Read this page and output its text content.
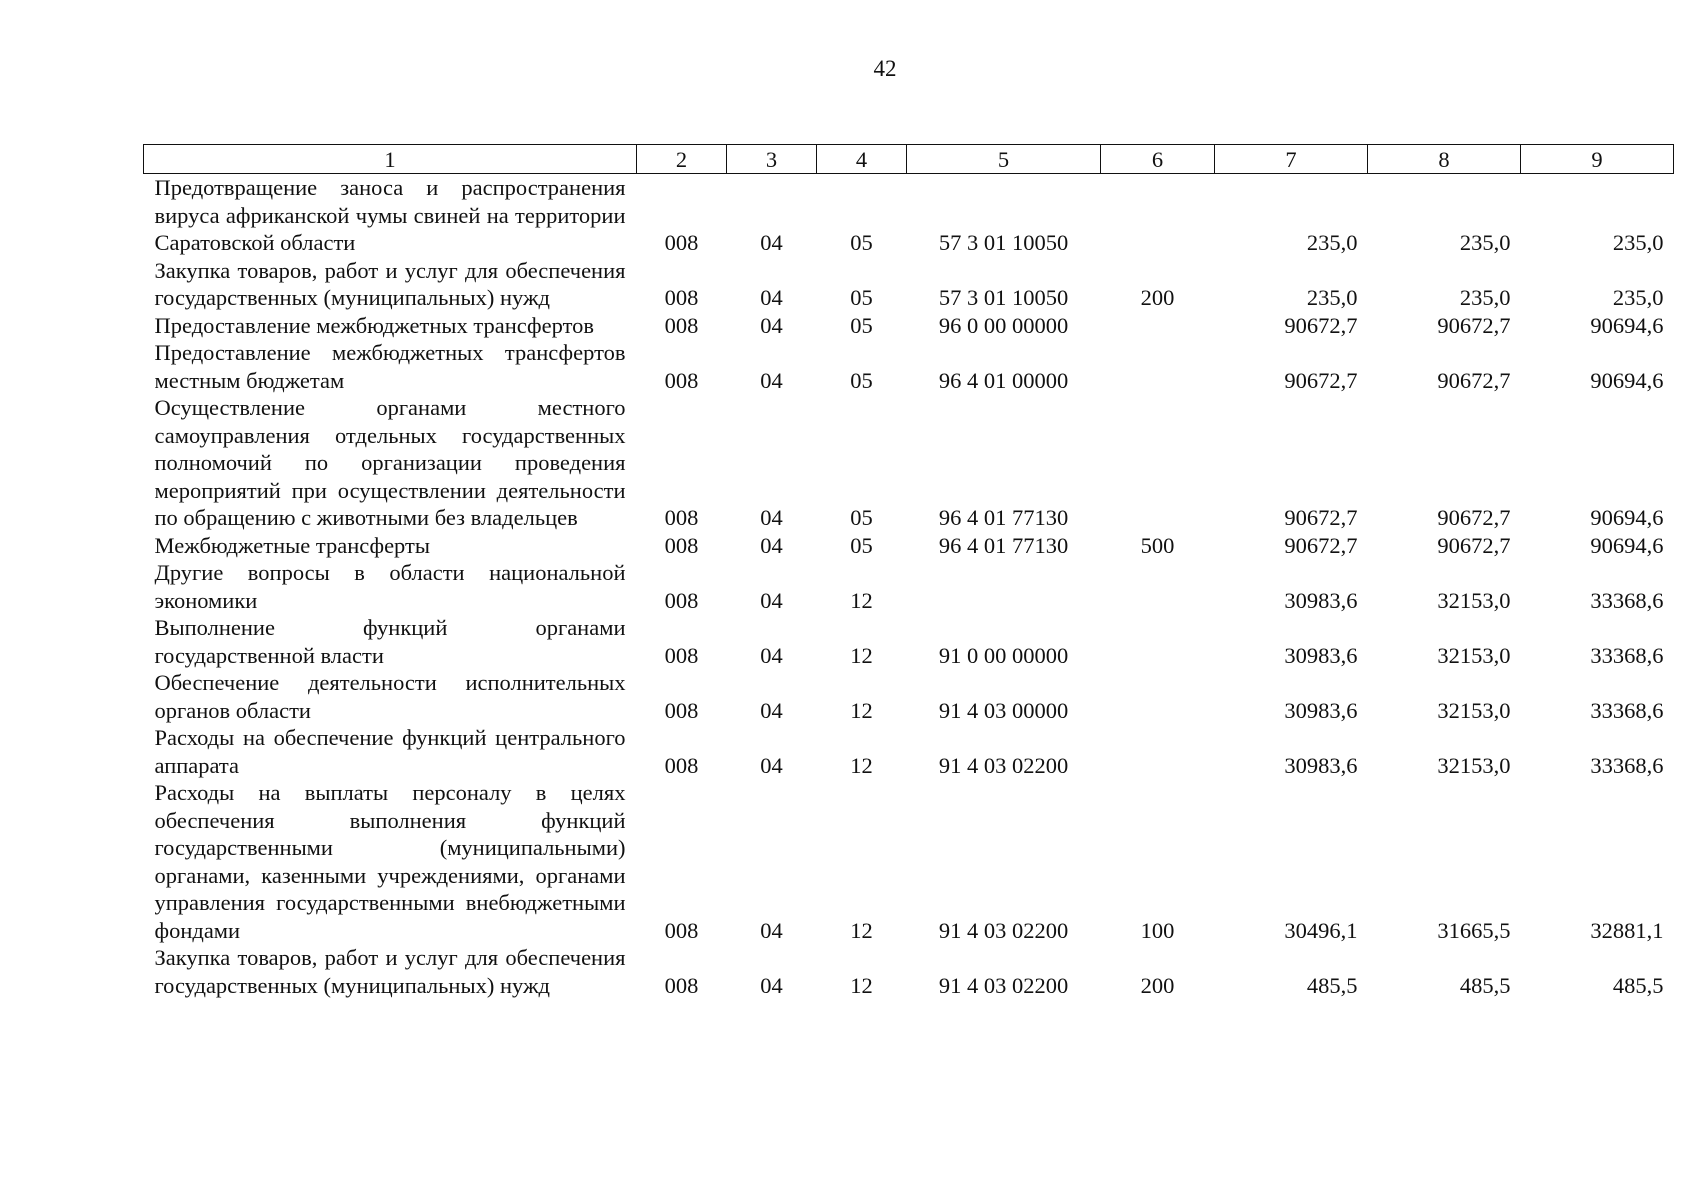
42
1	2	3	4	5	6	7	8	9
Предотвращение заноса и распространения вируса африканской чумы свиней на территории Саратовской области	008	04	05	57 3 01 10050		235,0	235,0	235,0
Закупка товаров, работ и услуг для обеспечения государственных (муниципальных) нужд	008	04	05	57 3 01 10050	200	235,0	235,0	235,0
Предоставление межбюджетных трансфертов	008	04	05	96 0 00 00000		90672,7	90672,7	90694,6
Предоставление межбюджетных трансфертов местным бюджетам	008	04	05	96 4 01 00000		90672,7	90672,7	90694,6
Осуществление органами местного самоуправления отдельных государственных полномочий по организации проведения мероприятий при осуществлении деятельности по обращению с животными без владельцев	008	04	05	96 4 01 77130		90672,7	90672,7	90694,6
Межбюджетные трансферты	008	04	05	96 4 01 77130	500	90672,7	90672,7	90694,6
Другие вопросы в области национальной экономики	008	04	12			30983,6	32153,0	33368,6
Выполнение функций органами государственной власти	008	04	12	91 0 00 00000		30983,6	32153,0	33368,6
Обеспечение деятельности исполнительных органов области	008	04	12	91 4 03 00000		30983,6	32153,0	33368,6
Расходы на обеспечение функций центрального аппарата	008	04	12	91 4 03 02200		30983,6	32153,0	33368,6
Расходы на выплаты персоналу в целях обеспечения выполнения функций государственными (муниципальными) органами, казенными учреждениями, органами управления государственными внебюджетными фондами	008	04	12	91 4 03 02200	100	30496,1	31665,5	32881,1
Закупка товаров, работ и услуг для обеспечения государственных (муниципальных) нужд	008	04	12	91 4 03 02200	200	485,5	485,5	485,5
